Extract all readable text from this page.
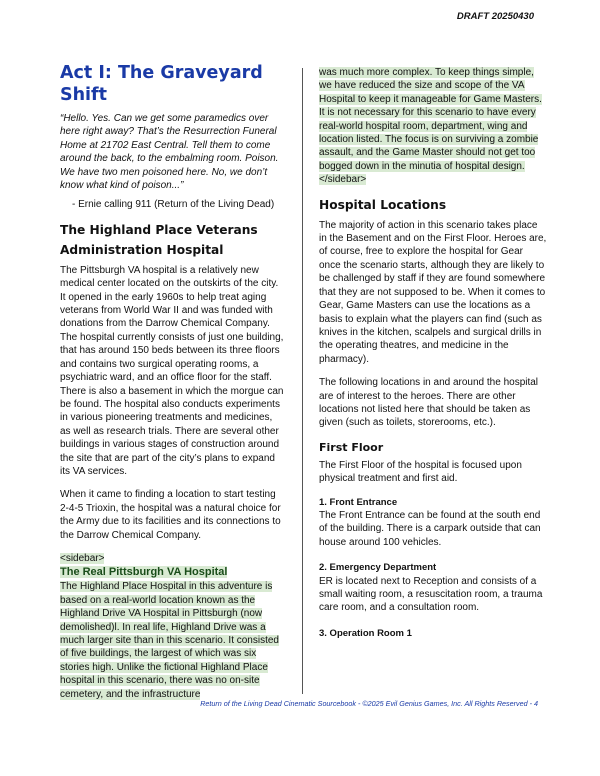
DRAFT 20250430
Act I: The Graveyard Shift

“Hello. Yes. Can we get some paramedics over here right away? That’s the Resurrection Funeral Home at 21702 East Central. Tell them to come around the back, to the embalming room. Poison. We have two men poisoned here. No, we don’t know what kind of poison...”

- Ernie calling 911 (Return of the Living Dead)

The Highland Place Veterans Administration Hospital

The Pittsburgh VA hospital is a relatively new medical center located on the outskirts of the city. It opened in the early 1960s to help treat aging veterans from World War II and was funded with donations from the Darrow Chemical Company. The hospital currently consists of just one building, that has around 150 beds between its three floors and contains two surgical operating rooms, a psychiatric ward, and an office floor for the staff. There is also a basement in which the morgue can be found. The hospital also conducts experiments in various pioneering treatments and medicines, as well as research trials. There are several other buildings in various stages of construction around the site that are part of the city’s plans to expand its VA services.

When it came to finding a location to start testing 2-4-5 Trioxin, the hospital was a natural choice for the Army due to its facilities and its connections to the Darrow Chemical Company.

<sidebar>
The Real Pittsburgh VA Hospital
The Highland Place Hospital in this adventure is based on a real-world location known as the Highland Drive VA Hospital in Pittsburgh (now demolished)l. In real life, Highland Drive was a much larger site than in this scenario. It consisted of five buildings, the largest of which was six stories high. Unlike the fictional Highland Place hospital in this scenario, there was no on-site cemetery, and the infrastructure
was much more complex. To keep things simple, we have reduced the size and scope of the VA Hospital to keep it manageable for Game Masters. It is not necessary for this scenario to have every real-world hospital room, department, wing and location listed. The focus is on surviving a zombie assault, and the Game Master should not get too bogged down in the minutia of hospital design.
</sidebar>
Hospital Locations

The majority of action in this scenario takes place in the Basement and on the First Floor. Heroes are, of course, free to explore the hospital for Gear once the scenario starts, although they are likely to be challenged by staff if they are found somewhere that they are not supposed to be. When it comes to Gear, Game Masters can use the locations as a basis to explain what the players can find (such as knives in the kitchen, scalpels and surgical drills in the operating theatres, and medicine in the pharmacy).

The following locations in and around the hospital are of interest to the heroes. There are other locations not listed here that should be taken as given (such as toilets, storerooms, etc.).

First Floor

The First Floor of the hospital is focused upon physical treatment and first aid.

1. Front Entrance
The Front Entrance can be found at the south end of the building. There is a carpark outside that can house around 100 vehicles.
2. Emergency Department
ER is located next to Reception and consists of a small waiting room, a resuscitation room, a trauma care room, and a consultation room.
3. Operation Room 1
Return of the Living Dead Cinematic Sourcebook - ©2025 Evil Genius Games, Inc. All Rights Reserved - 4
